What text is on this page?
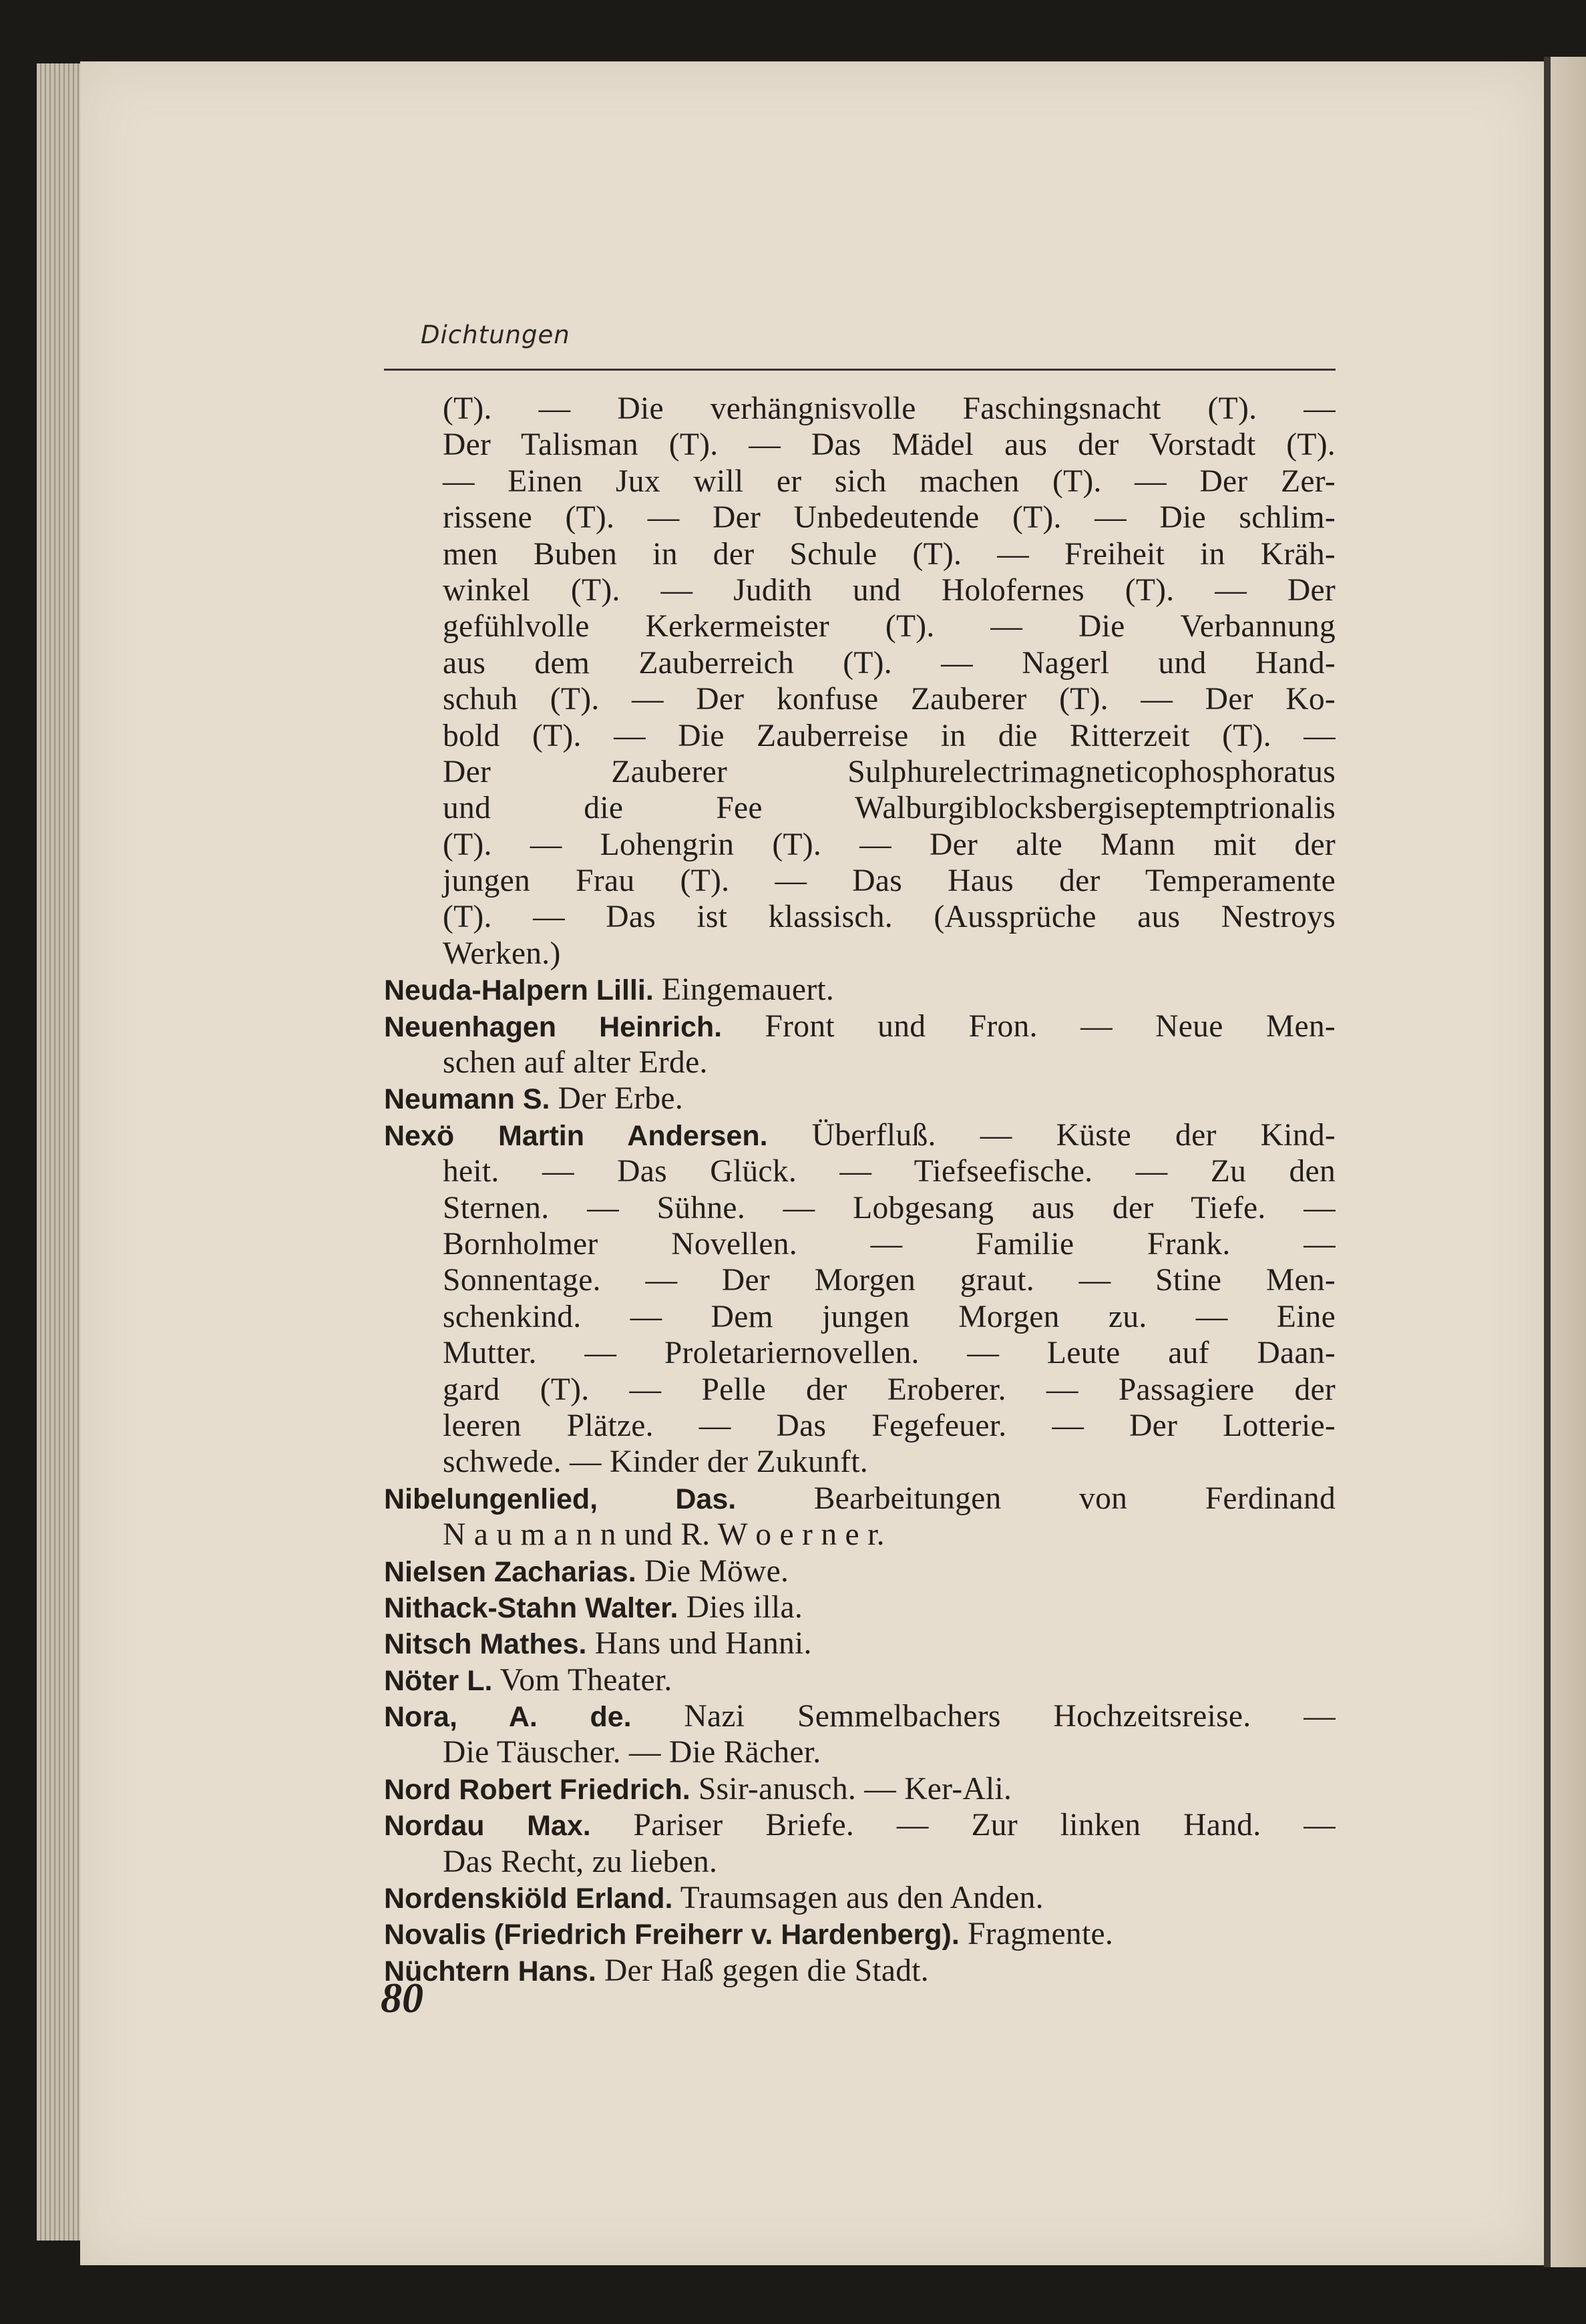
Dichtungen
(T). — Die verhängnisvolle Faschingsnacht (T). —
Der Talisman (T). — Das Mädel aus der Vorstadt (T).
— Einen Jux will er sich machen (T). — Der Zer-
rissene (T). — Der Unbedeutende (T). — Die schlim-
men Buben in der Schule (T). — Freiheit in Kräh-
winkel (T). — Judith und Holofernes (T). — Der
gefühlvolle Kerkermeister (T). — Die Verbannung
aus dem Zauberreich (T). — Nagerl und Hand-
schuh (T). — Der konfuse Zauberer (T). — Der Ko-
bold (T). — Die Zauberreise in die Ritterzeit (T). —
Der Zauberer Sulphurelectrimagneticophosphoratus
und die Fee Walburgiblocksbergiseptemptrionalis
(T). — Lohengrin (T). — Der alte Mann mit der
jungen Frau (T). — Das Haus der Temperamente
(T). — Das ist klassisch. (Aussprüche aus Nestroys
Werken.)
Neuda-Halpern Lilli. Eingemauert.
Neuenhagen Heinrich. Front und Fron. — Neue Men-
schen auf alter Erde.
Neumann S. Der Erbe.
Nexö Martin Andersen. Überfluß. — Küste der Kind-
heit. — Das Glück. — Tiefseefische. — Zu den
Sternen. — Sühne. — Lobgesang aus der Tiefe. —
Bornholmer Novellen. — Familie Frank. —
Sonnentage. — Der Morgen graut. — Stine Men-
schenkind. — Dem jungen Morgen zu. — Eine
Mutter. — Proletariernovellen. — Leute auf Daan-
gard (T). — Pelle der Eroberer. — Passagiere der
leeren Plätze. — Das Fegefeuer. — Der Lotterie-
schwede. — Kinder der Zukunft.
Nibelungenlied, Das. Bearbeitungen von Ferdinand
N a u m a n n und R. W o e r n e r.
Nielsen Zacharias. Die Möwe.
Nithack-Stahn Walter. Dies illa.
Nitsch Mathes. Hans und Hanni.
Nöter L. Vom Theater.
Nora, A. de. Nazi Semmelbachers Hochzeitsreise. —
Die Täuscher. — Die Rächer.
Nord Robert Friedrich. Ssir-anusch. — Ker-Ali.
Nordau Max. Pariser Briefe. — Zur linken Hand. —
Das Recht, zu lieben.
Nordenskiöld Erland. Traumsagen aus den Anden.
Novalis (Friedrich Freiherr v. Hardenberg). Fragmente.
Nüchtern Hans. Der Haß gegen die Stadt.
80
